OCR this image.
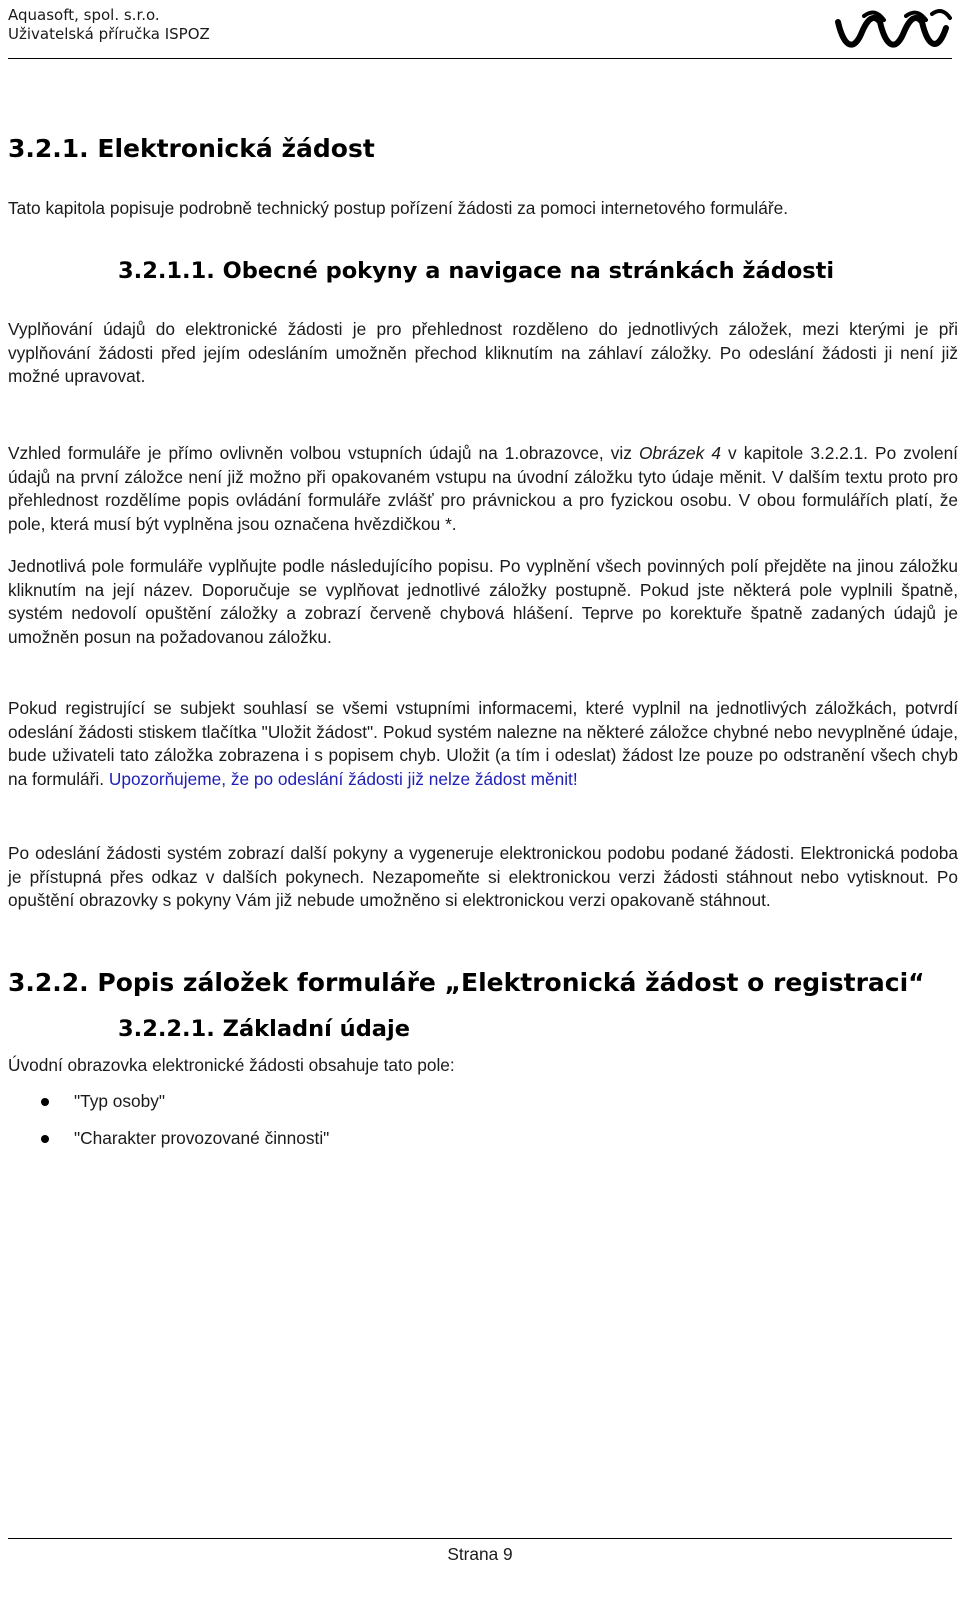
Aquasoft, spol. s.r.o.
Uživatelská příručka ISPOZ
3.2.1. Elektronická žádost

Tato kapitola popisuje podrobně technický postup pořízení žádosti za pomoci internetového formuláře.

3.2.1.1. Obecné pokyny a navigace na stránkách žádosti

Vyplňování údajů do elektronické žádosti je pro přehlednost rozděleno do jednotlivých záložek, mezi kterými je při vyplňování žádosti před jejím odesláním umožněn přechod kliknutím na záhlaví záložky. Po odeslání žádosti ji není již možné upravovat.

Vzhled formuláře je přímo ovlivněn volbou vstupních údajů na 1.obrazovce, viz Obrázek 4 v kapitole 3.2.2.1. Po zvolení údajů na první záložce není již možno při opakovaném vstupu na úvodní záložku tyto údaje měnit. V dalším textu proto pro přehlednost rozdělíme popis ovládání formuláře zvlášť pro právnickou a pro fyzickou osobu. V obou formulářích platí, že pole, která musí být vyplněna jsou označena hvězdičkou *.

Jednotlivá pole formuláře vyplňujte podle následujícího popisu. Po vyplnění všech povinných polí přejděte na jinou záložku kliknutím na její název. Doporučuje se vyplňovat jednotlivé záložky postupně. Pokud jste některá pole vyplnili špatně, systém nedovolí opuštění záložky a zobrazí červeně chybová hlášení. Teprve po korektuře špatně zadaných údajů je umožněn posun na požadovanou záložku.

Pokud registrující se subjekt souhlasí se všemi vstupními informacemi, které vyplnil na jednotlivých záložkách, potvrdí odeslání žádosti stiskem tlačítka "Uložit žádost". Pokud systém nalezne na některé záložce chybné nebo nevyplněné údaje, bude uživateli tato záložka zobrazena i s popisem chyb. Uložit (a tím i odeslat) žádost lze pouze po odstranění všech chyb na formuláři. Upozorňujeme, že po odeslání žádosti již nelze žádost měnit!

Po odeslání žádosti systém zobrazí další pokyny a vygeneruje elektronickou podobu podané žádosti. Elektronická podoba je přístupná přes odkaz v dalších pokynech. Nezapomeňte si elektronickou verzi žádosti stáhnout nebo vytisknout. Po opuštění obrazovky s pokyny Vám již nebude umožněno si elektronickou verzi opakovaně stáhnout.

3.2.2. Popis záložek formuláře „Elektronická žádost o registraci“
3.2.2.1. Základní údaje

Úvodní obrazovka elektronické žádosti obsahuje tato pole:

"Typ osoby"
"Charakter provozované činnosti"
Strana 9
